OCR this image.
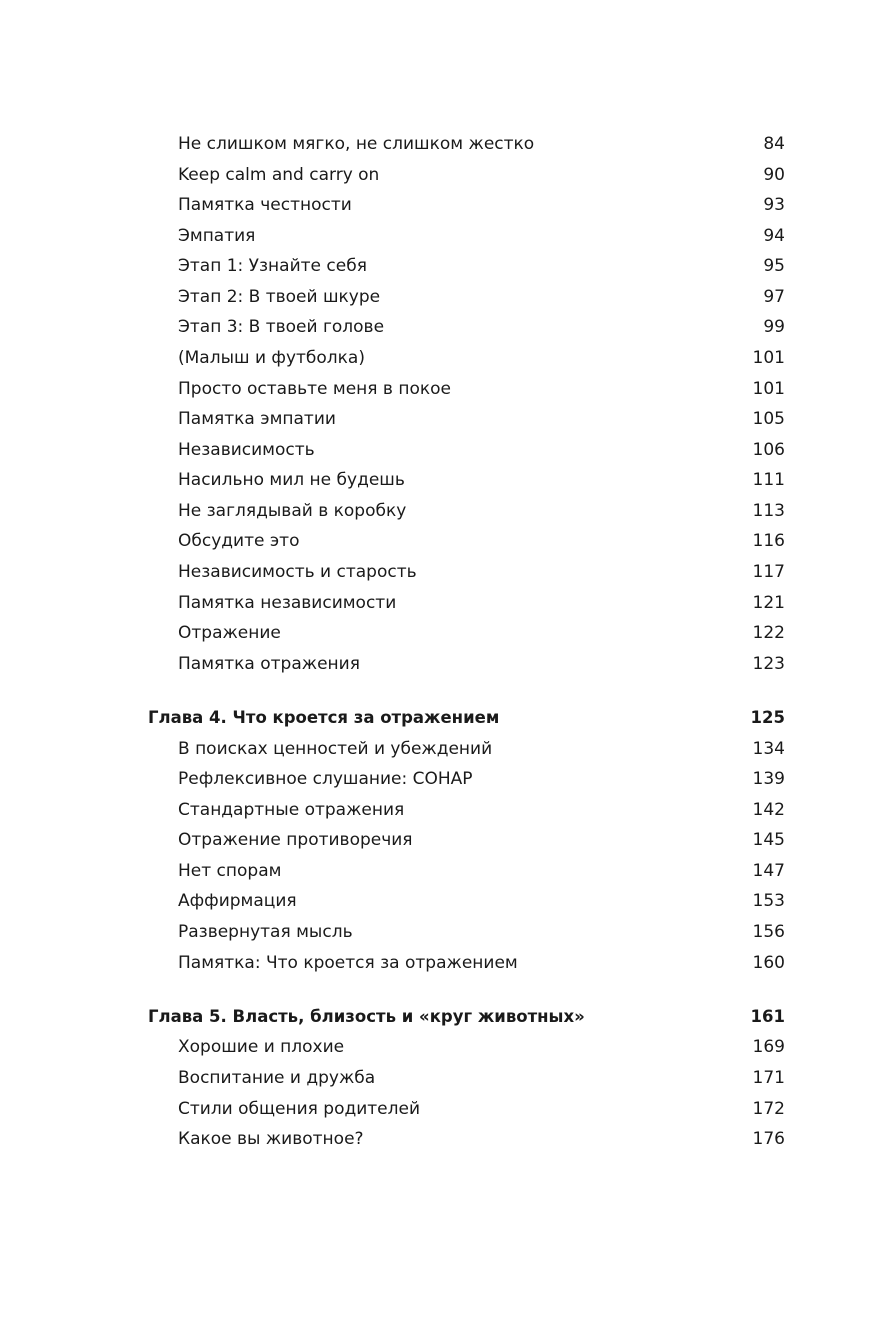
Не слишком мягко, не слишком жестко	84
Keep calm and carry on	90
Памятка честности	93
Эмпатия	94
Этап 1: Узнайте себя	95
Этап 2: В твоей шкуре	97
Этап 3: В твоей голове	99
(Малыш и футболка)	101
Просто оставьте меня в покое	101
Памятка эмпатии	105
Независимость	106
Насильно мил не будешь	111
Не заглядывай в коробку	113
Обсудите это	116
Независимость и старость	117
Памятка независимости	121
Отражение	122
Памятка отражения	123
Глава 4. Что кроется за отражением	125
В поисках ценностей и убеждений	134
Рефлексивное слушание: СОНАР	139
Стандартные отражения	142
Отражение противоречия	145
Нет спорам	147
Аффирмация	153
Развернутая мысль	156
Памятка: Что кроется за отражением	160
Глава 5. Власть, близость и «круг животных»	161
Хорошие и плохие	169
Воспитание и дружба	171
Стили общения родителей	172
Какое вы животное?	176
